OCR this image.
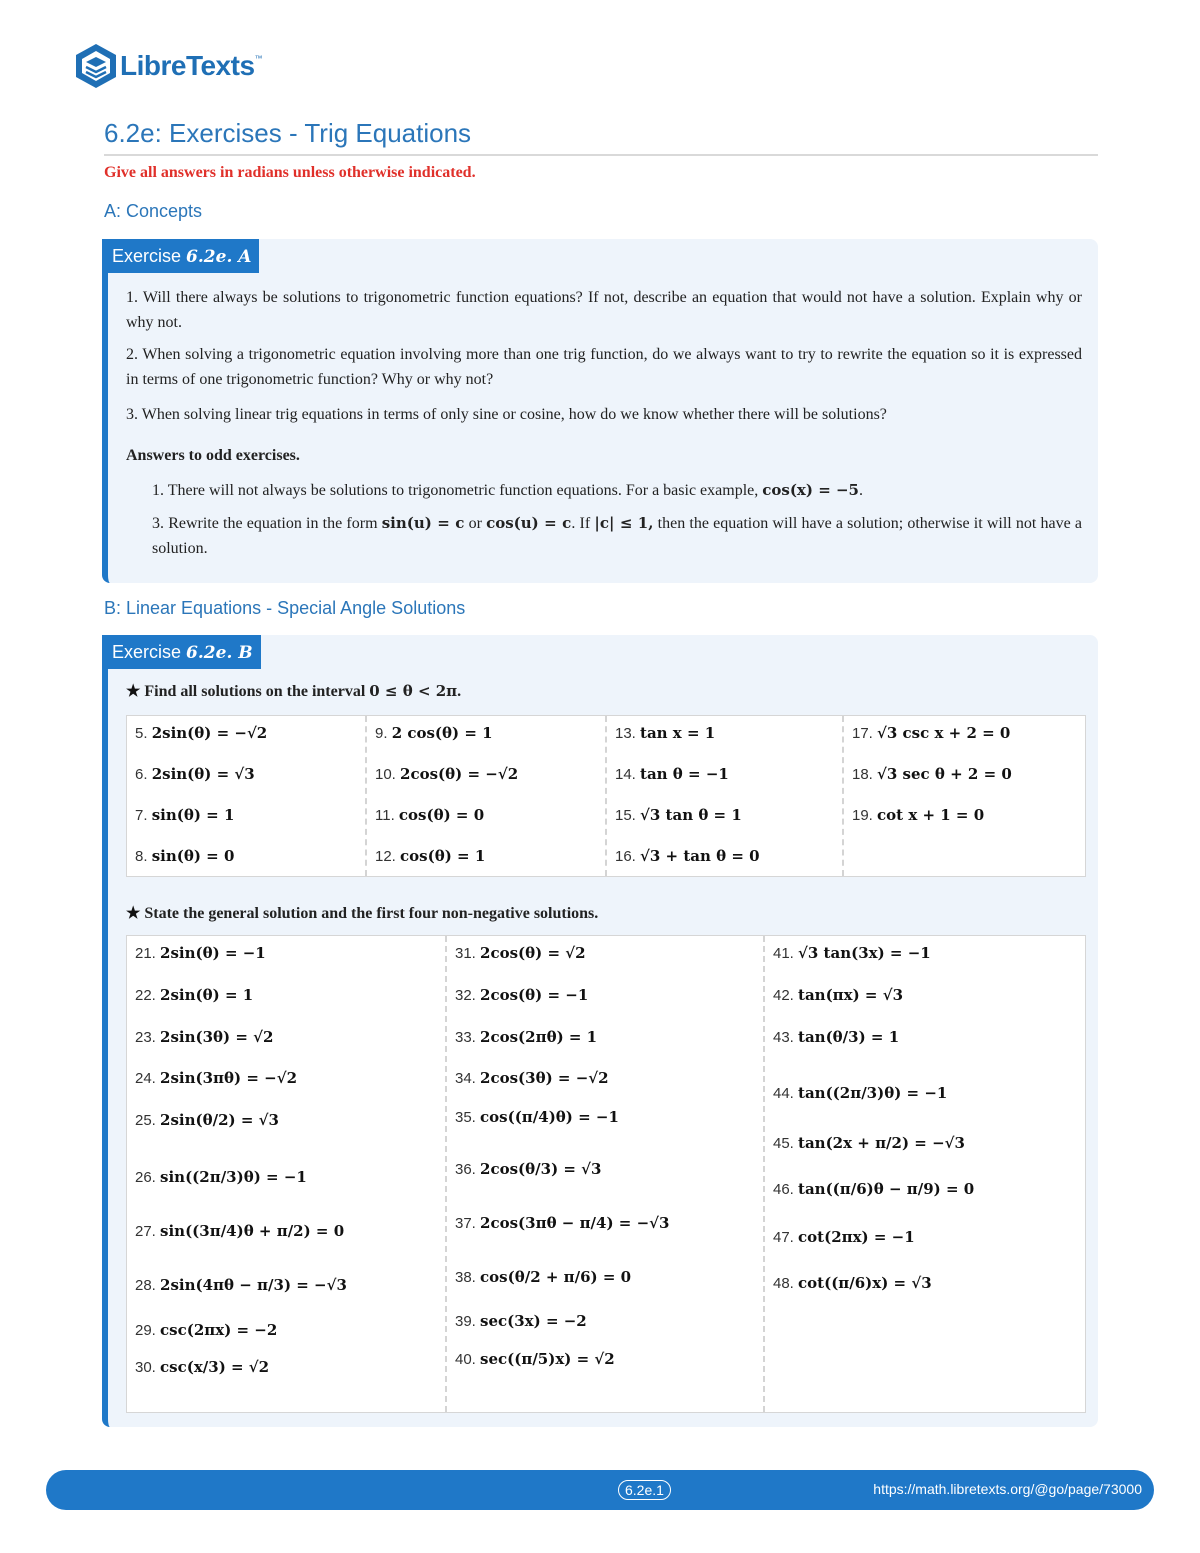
LibreTexts ™
6.2e: Exercises - Trig Equations
Give all answers in radians unless otherwise indicated.
A: Concepts
Exercise 6.2e. A
1. Will there always be solutions to trigonometric function equations? If not, describe an equation that would not have a solution. Explain why or why not.
2. When solving a trigonometric equation involving more than one trig function, do we always want to try to rewrite the equation so it is expressed in terms of one trigonometric function? Why or why not?
3. When solving linear trig equations in terms of only sine or cosine, how do we know whether there will be solutions?
Answers to odd exercises.
1. There will not always be solutions to trigonometric function equations. For a basic example, cos(x) = −5.
3. Rewrite the equation in the form sin(u) = c or cos(u) = c. If |c| ≤ 1, then the equation will have a solution; otherwise it will not have a solution.
B: Linear Equations - Special Angle Solutions
Exercise 6.2e. B
★ Find all solutions on the interval 0 ≤ θ < 2π.
5. 2sin(θ) = −√2
6. 2sin(θ) = √3
7. sin(θ) = 1
8. sin(θ) = 0
9. 2 cos(θ) = 1
10. 2cos(θ) = −√2
11. cos(θ) = 0
12. cos(θ) = 1
13. tan x = 1
14. tan θ = −1
15. √3 tan θ = 1
16. √3 + tan θ = 0
17. √3 csc x + 2 = 0
18. √3 sec θ + 2 = 0
19. cot x + 1 = 0
★ State the general solution and the first four non-negative solutions.
21. 2sin(θ) = −1
22. 2sin(θ) = 1
23. 2sin(3θ) = √2
24. 2sin(3πθ) = −√2
25. 2sin(θ/2) = √3
26. sin((2π/3)θ) = −1
27. sin((3π/4)θ + π/2) = 0
28. 2sin(4πθ − π/3) = −√3
29. csc(2πx) = −2
30. csc(x/3) = √2
31. 2cos(θ) = √2
32. 2cos(θ) = −1
33. 2cos(2πθ) = 1
34. 2cos(3θ) = −√2
35. cos((π/4)θ) = −1
36. 2cos(θ/3) = √3
37. 2cos(3πθ − π/4) = −√3
38. cos(θ/2 + π/6) = 0
39. sec(3x) = −2
40. sec((π/5)x) = √2
41. √3 tan(3x) = −1
42. tan(πx) = √3
43. tan(θ/3) = 1
44. tan((2π/3)θ) = −1
45. tan(2x + π/2) = −√3
46. tan((π/6)θ − π/9) = 0
47. cot(2πx) = −1
48. cot((π/6)x) = √3
6.2e.1	https://math.libretexts.org/@go/page/73000
